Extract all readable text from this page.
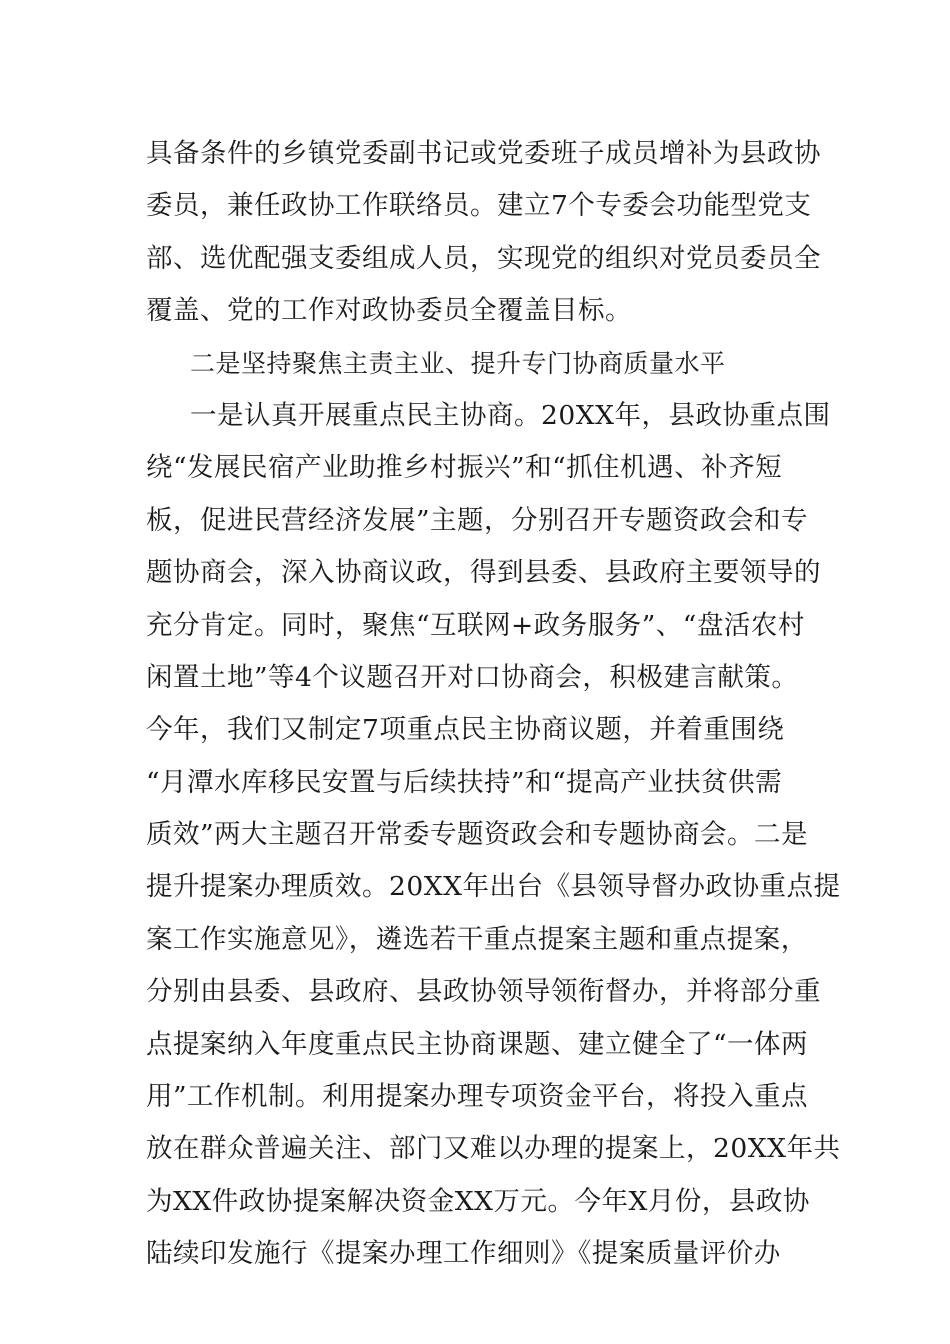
具备条件的乡镇党委副书记或党委班子成员增补为县政协
委员，兼任政协工作联络员。建立7个专委会功能型党支
部、选优配强支委组成人员，实现党的组织对党员委员全
覆盖、党的工作对政协委员全覆盖目标。
二是坚持聚焦主责主业、提升专门协商质量水平
一是认真开展重点民主协商。20XX年，县政协重点围
绕“发展民宿产业助推乡村振兴”和“抓住机遇、补齐短
板，促进民营经济发展”主题，分别召开专题资政会和专
题协商会，深入协商议政，得到县委、县政府主要领导的
充分肯定。同时，聚焦“互联网+政务服务”、“盘活农村
闲置土地”等4个议题召开对口协商会，积极建言献策。
今年，我们又制定7项重点民主协商议题，并着重围绕
“月潭水库移民安置与后续扶持”和“提高产业扶贫供需
质效”两大主题召开常委专题资政会和专题协商会。二是
提升提案办理质效。20XX年出台《县领导督办政协重点提
案工作实施意见》，遴选若干重点提案主题和重点提案，
分别由县委、县政府、县政协领导领衔督办，并将部分重
点提案纳入年度重点民主协商课题、建立健全了“一体两
用”工作机制。利用提案办理专项资金平台，将投入重点
放在群众普遍关注、部门又难以办理的提案上，20XX年共
为XX件政协提案解决资金XX万元。今年X月份，县政协
陆续印发施行《提案办理工作细则》《提案质量评价办
